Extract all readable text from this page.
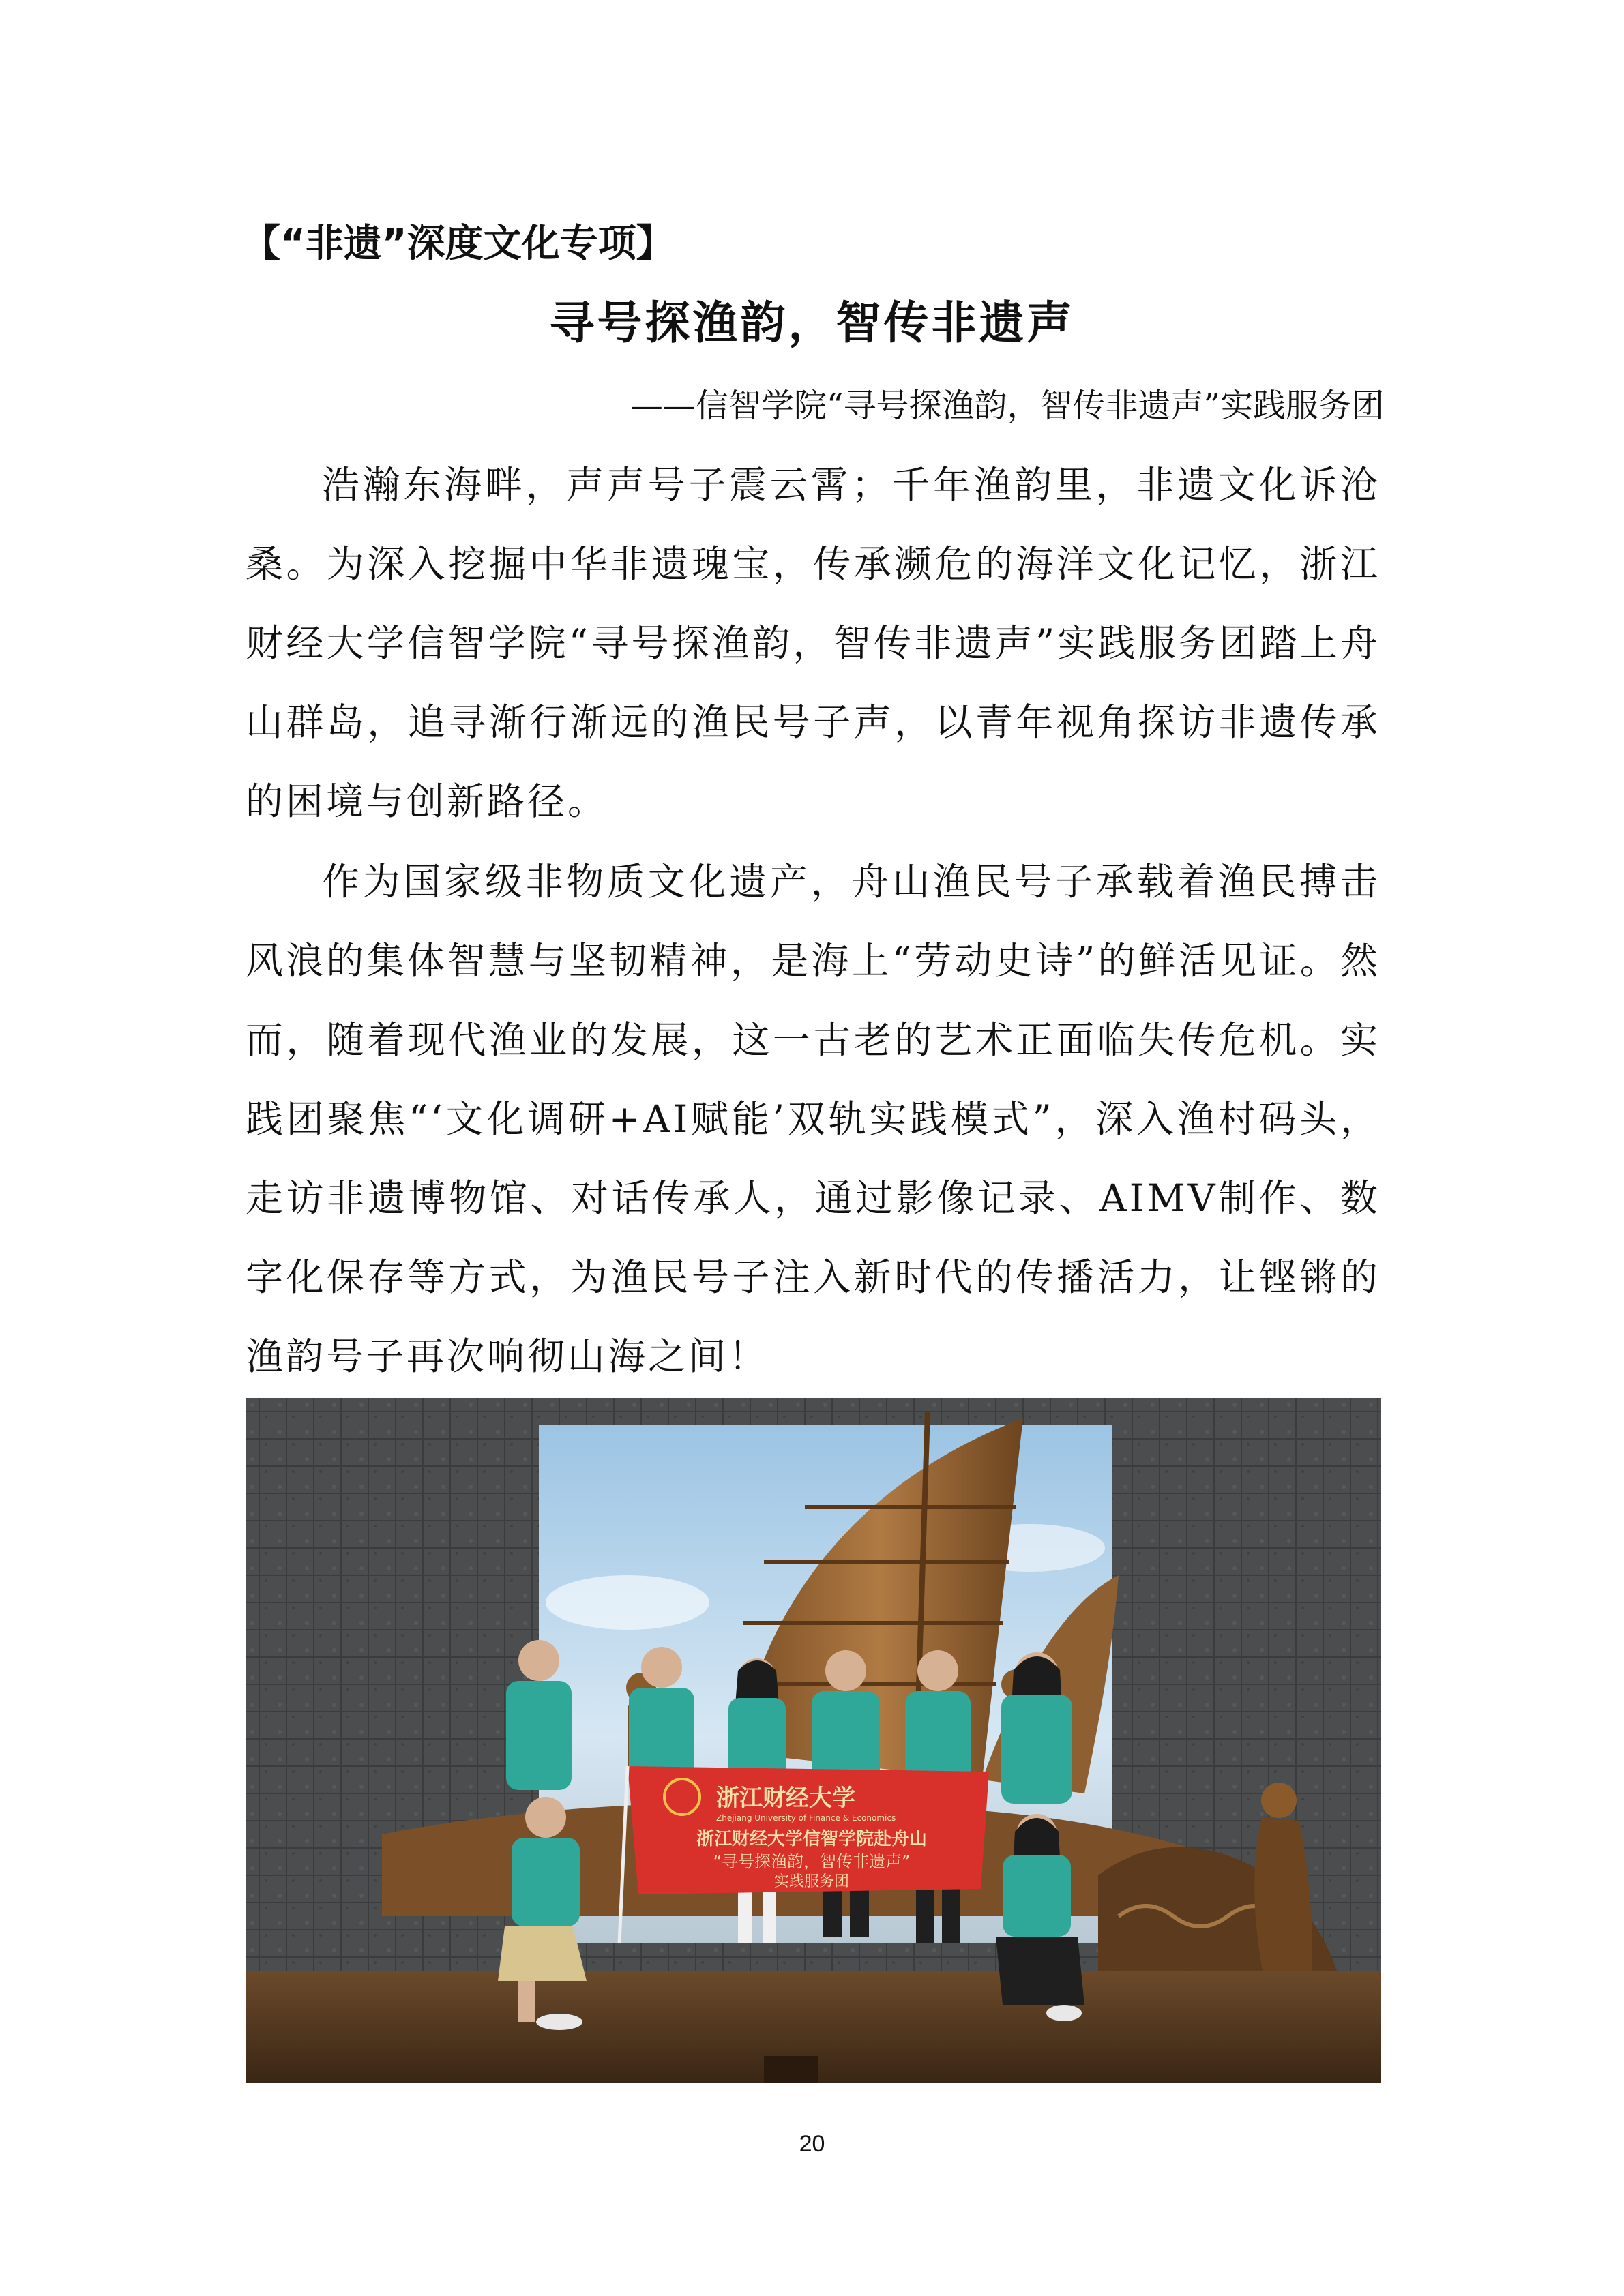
【“非遗”深度文化专项】
寻号探渔韵，智传非遗声
——信智学院“寻号探渔韵，智传非遗声”实践服务团

浩瀚东海畔，声声号子震云霄；千年渔韵里，非遗文化诉沧桑。为深入挖掘中华非遗瑰宝，传承濒危的海洋文化记忆，浙江财经大学信智学院“寻号探渔韵，智传非遗声”实践服务团踏上舟山群岛，追寻渐行渐远的渔民号子声，以青年视角探访非遗传承的困境与创新路径。

作为国家级非物质文化遗产，舟山渔民号子承载着渔民搏击风浪的集体智慧与坚韧精神，是海上“劳动史诗”的鲜活见证。然而，随着现代渔业的发展，这一古老的艺术正面临失传危机。实践团聚焦“‘文化调研+AI赋能’双轨实践模式”，深入渔村码头，走访非遗博物馆、对话传承人，通过影像记录、AIMV制作、数字化保存等方式，为渔民号子注入新时代的传播活力，让铿锵的渔韵号子再次响彻山海之间！

浙江财经大学
Zhejiang University of Finance & Economics
浙江财经大学信智学院赴舟山
“寻号探渔韵，智传非遗声”
实践服务团
20
